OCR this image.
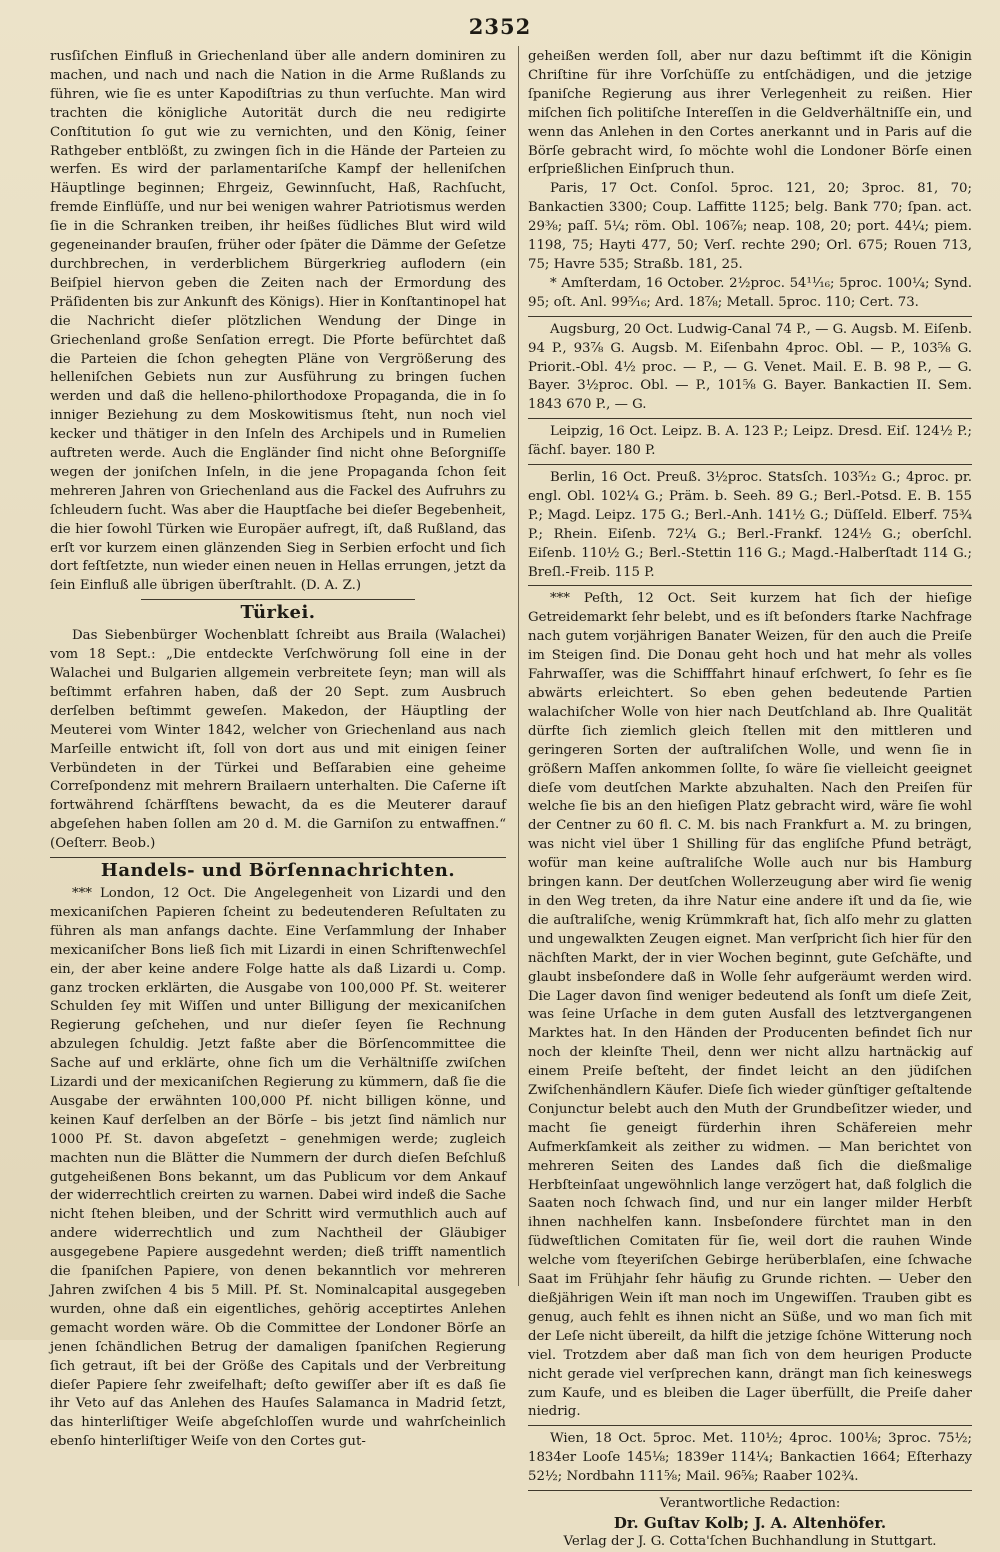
2352

rusſiſchen Einfluß in Griechenland über alle andern dominiren zu machen, und nach und nach die Nation in die Arme Rußlands zu führen, wie ſie es unter Kapodiſtrias zu thun verſuchte. Man wird trachten die königliche Autorität durch die neu redigirte Conſtitution ſo gut wie zu vernichten, und den König, ſeiner Rathgeber entblößt, zu zwingen ſich in die Hände der Parteien zu werfen. Es wird der parlamentariſche Kampf der helleniſchen Häuptlinge beginnen; Ehrgeiz, Gewinnſucht, Haß, Rachſucht, fremde Einflüſſe, und nur bei wenigen wahrer Patriotismus werden ſie in die Schranken treiben, ihr heißes ſüdliches Blut wird wild gegeneinander brauſen, früher oder ſpäter die Dämme der Geſetze durchbrechen, in verderblichem Bürgerkrieg auflodern (ein Beiſpiel hiervon geben die Zeiten nach der Ermordung des Präſidenten bis zur Ankunft des Königs). Hier in Konſtantinopel hat die Nachricht dieſer plötzlichen Wendung der Dinge in Griechenland große Senſation erregt. Die Pforte befürchtet daß die Parteien die ſchon gehegten Pläne von Vergrößerung des helleniſchen Gebiets nun zur Ausführung zu bringen ſuchen werden und daß die helleno-philorthodoxe Propaganda, die in ſo inniger Beziehung zu dem Moskowitismus ſteht, nun noch viel kecker und thätiger in den Inſeln des Archipels und in Rumelien auftreten werde. Auch die Engländer ſind nicht ohne Beſorgniſſe wegen der joniſchen Inſeln, in die jene Propaganda ſchon ſeit mehreren Jahren von Griechenland aus die Fackel des Aufruhrs zu ſchleudern ſucht. Was aber die Hauptſache bei dieſer Begebenheit, die hier ſowohl Türken wie Europäer aufregt, iſt, daß Rußland, das erſt vor kurzem einen glänzenden Sieg in Serbien erfocht und ſich dort feſtſetzte, nun wieder einen neuen in Hellas errungen, jetzt da ſein Einfluß alle übrigen überſtrahlt. (D. A. Z.)

Türkei.

Das Siebenbürger Wochenblatt ſchreibt aus Braila (Walachei) vom 18 Sept.: „Die entdeckte Verſchwörung ſoll eine in der Walachei und Bulgarien allgemein verbreitete ſeyn; man will als beſtimmt erfahren haben, daß der 20 Sept. zum Ausbruch derſelben beſtimmt geweſen. Makedon, der Häuptling der Meuterei vom Winter 1842, welcher von Griechenland aus nach Marſeille entwicht iſt, ſoll von dort aus und mit einigen ſeiner Verbündeten in der Türkei und Beſſarabien eine geheime Correſpondenz mit mehrern Brailaern unterhalten. Die Caſerne iſt fortwährend ſchärfſtens bewacht, da es die Meuterer darauf abgeſehen haben ſollen am 20 d. M. die Garniſon zu entwaffnen.“ (Oeſterr. Beob.)

Handels- und Börſennachrichten.

*** London, 12 Oct. Die Angelegenheit von Lizardi und den mexicaniſchen Papieren ſcheint zu bedeutenderen Reſultaten zu führen als man anfangs dachte. Eine Verſammlung der Inhaber mexicaniſcher Bons ließ ſich mit Lizardi in einen Schriftenwechſel ein, der aber keine andere Folge hatte als daß Lizardi u. Comp. ganz trocken erklärten, die Ausgabe von 100,000 Pf. St. weiterer Schulden ſey mit Wiſſen und unter Billigung der mexicaniſchen Regierung geſchehen, und nur dieſer ſeyen ſie Rechnung abzulegen ſchuldig. Jetzt faßte aber die Börſencommittee die Sache auf und erklärte, ohne ſich um die Verhältniſſe zwiſchen Lizardi und der mexicaniſchen Regierung zu kümmern, daß ſie die Ausgabe der erwähnten 100,000 Pf. nicht billigen könne, und keinen Kauf derſelben an der Börſe – bis jetzt ſind nämlich nur 1000 Pf. St. davon abgeſetzt – genehmigen werde; zugleich machten nun die Blätter die Nummern der durch dieſen Beſchluß gutgeheißenen Bons bekannt, um das Publicum vor dem Ankauf der widerrechtlich creirten zu warnen. Dabei wird indeß die Sache nicht ſtehen bleiben, und der Schritt wird vermuthlich auch auf andere widerrechtlich und zum Nachtheil der Gläubiger ausgegebene Papiere ausgedehnt werden; dieß trifft namentlich die ſpaniſchen Papiere, von denen bekanntlich vor mehreren Jahren zwiſchen 4 bis 5 Mill. Pf. St. Nominalcapital ausgegeben wurden, ohne daß ein eigentliches, gehörig acceptirtes Anlehen gemacht worden wäre. Ob die Committee der Londoner Börſe an jenen ſchändlichen Betrug der damaligen ſpaniſchen Regierung ſich getraut, iſt bei der Größe des Capitals und der Verbreitung dieſer Papiere ſehr zweifelhaft; deſto gewiſſer aber iſt es daß ſie ihr Veto auf das Anlehen des Hauſes Salamanca in Madrid ſetzt, das hinterliſtiger Weiſe abgeſchloſſen wurde und wahrſcheinlich ebenſo hinterliſtiger Weiſe von den Cortes gut-

geheißen werden ſoll, aber nur dazu beſtimmt iſt die Königin Chriſtine für ihre Vorſchüſſe zu entſchädigen, und die jetzige ſpaniſche Regierung aus ihrer Verlegenheit zu reißen. Hier miſchen ſich politiſche Intereſſen in die Geldverhältniſſe ein, und wenn das Anlehen in den Cortes anerkannt und in Paris auf die Börſe gebracht wird, ſo möchte wohl die Londoner Börſe einen erſprießlichen Einſpruch thun.

Paris, 17 Oct. Conſol. 5proc. 121, 20; 3proc. 81, 70; Bankactien 3300; Coup. Laffitte 1125; belg. Bank 770; ſpan. act. 29⅜; paſſ. 5¼; röm. Obl. 106⅞; neap. 108, 20; port. 44¼; piem. 1198, 75; Hayti 477, 50; Verſ. rechte 290; Orl. 675; Rouen 713, 75; Havre 535; Straßb. 181, 25.

* Amſterdam, 16 October. 2½proc. 54¹¹⁄₁₆; 5proc. 100¼; Synd. 95; oſt. Anl. 99⁵⁄₁₆; Ard. 18⅞; Metall. 5proc. 110; Cert. 73.

Augsburg, 20 Oct. Ludwig-Canal 74 P., — G. Augsb. M. Eiſenb. 94 P., 93⅞ G. Augsb. M. Eiſenbahn 4proc. Obl. — P., 103⅝ G. Priorit.-Obl. 4½ proc. — P., — G. Venet. Mail. E. B. 98 P., — G. Bayer. 3½proc. Obl. — P., 101⅝ G. Bayer. Bankactien II. Sem. 1843 670 P., — G.

Leipzig, 16 Oct. Leipz. B. A. 123 P.; Leipz. Dresd. Eiſ. 124½ P.; ſächſ. bayer. 180 P.

Berlin, 16 Oct. Preuß. 3½proc. Statsſch. 103⁵⁄₁₂ G.; 4proc. pr. engl. Obl. 102¼ G.; Präm. b. Seeh. 89 G.; Berl.-Potsd. E. B. 155 P.; Magd. Leipz. 175 G.; Berl.-Anh. 141½ G.; Düſſeld. Elberf. 75¾ P.; Rhein. Eiſenb. 72¼ G.; Berl.-Frankf. 124½ G.; oberſchl. Eiſenb. 110½ G.; Berl.-Stettin 116 G.; Magd.-Halberſtadt 114 G.; Breſl.-Freib. 115 P.

*** Peſth, 12 Oct. Seit kurzem hat ſich der hieſige Getreidemarkt ſehr belebt, und es iſt beſonders ſtarke Nachfrage nach gutem vorjährigen Banater Weizen, für den auch die Preiſe im Steigen ſind. Die Donau geht hoch und hat mehr als volles Fahrwaſſer, was die Schifffahrt hinauf erſchwert, ſo ſehr es ſie abwärts erleichtert. So eben gehen bedeutende Partien walachiſcher Wolle von hier nach Deutſchland ab. Ihre Qualität dürfte ſich ziemlich gleich ſtellen mit den mittleren und geringeren Sorten der auſtraliſchen Wolle, und wenn ſie in größern Maſſen ankommen ſollte, ſo wäre ſie vielleicht geeignet dieſe vom deutſchen Markte abzuhalten. Nach den Preiſen für welche ſie bis an den hieſigen Platz gebracht wird, wäre ſie wohl der Centner zu 60 fl. C. M. bis nach Frankfurt a. M. zu bringen, was nicht viel über 1 Shilling für das engliſche Pfund beträgt, wofür man keine auſtraliſche Wolle auch nur bis Hamburg bringen kann. Der deutſchen Wollerzeugung aber wird ſie wenig in den Weg treten, da ihre Natur eine andere iſt und da ſie, wie die auſtraliſche, wenig Krümmkraft hat, ſich alſo mehr zu glatten und ungewalkten Zeugen eignet. Man verſpricht ſich hier für den nächſten Markt, der in vier Wochen beginnt, gute Geſchäfte, und glaubt insbeſondere daß in Wolle ſehr aufgeräumt werden wird. Die Lager davon ſind weniger bedeutend als ſonſt um dieſe Zeit, was ſeine Urſache in dem guten Ausfall des letztvergangenen Marktes hat. In den Händen der Producenten befindet ſich nur noch der kleinſte Theil, denn wer nicht allzu hartnäckig auf einem Preiſe beſteht, der findet leicht an den jüdiſchen Zwiſchenhändlern Käufer. Dieſe ſich wieder günſtiger geſtaltende Conjunctur belebt auch den Muth der Grundbeſitzer wieder, und macht ſie geneigt fürderhin ihren Schäfereien mehr Aufmerkſamkeit als zeither zu widmen. — Man berichtet von mehreren Seiten des Landes daß ſich die dießmalige Herbſteinſaat ungewöhnlich lange verzögert hat, daß folglich die Saaten noch ſchwach ſind, und nur ein langer milder Herbſt ihnen nachhelfen kann. Insbeſondere fürchtet man in den ſüdweſtlichen Comitaten für ſie, weil dort die rauhen Winde welche vom ſteyeriſchen Gebirge herüberblaſen, eine ſchwache Saat im Frühjahr ſehr häufig zu Grunde richten. — Ueber den dießjährigen Wein iſt man noch im Ungewiſſen. Trauben gibt es genug, auch fehlt es ihnen nicht an Süße, und wo man ſich mit der Leſe nicht übereilt, da hilft die jetzige ſchöne Witterung noch viel. Trotzdem aber daß man ſich von dem heurigen Producte nicht gerade viel verſprechen kann, drängt man ſich keineswegs zum Kaufe, und es bleiben die Lager überfüllt, die Preiſe daher niedrig.

Wien, 18 Oct. 5proc. Met. 110½; 4proc. 100⅛; 3proc. 75½; 1834er Looſe 145⅛; 1839er 114¼; Bankactien 1664; Eſterhazy 52½; Nordbahn 111⅝; Mail. 96⅝; Raaber 102¾.

Verantwortliche Redaction:
Dr. Guſtav Kolb; J. A. Altenhöfer.
Verlag der J. G. Cotta'ſchen Buchhandlung in Stuttgart.
